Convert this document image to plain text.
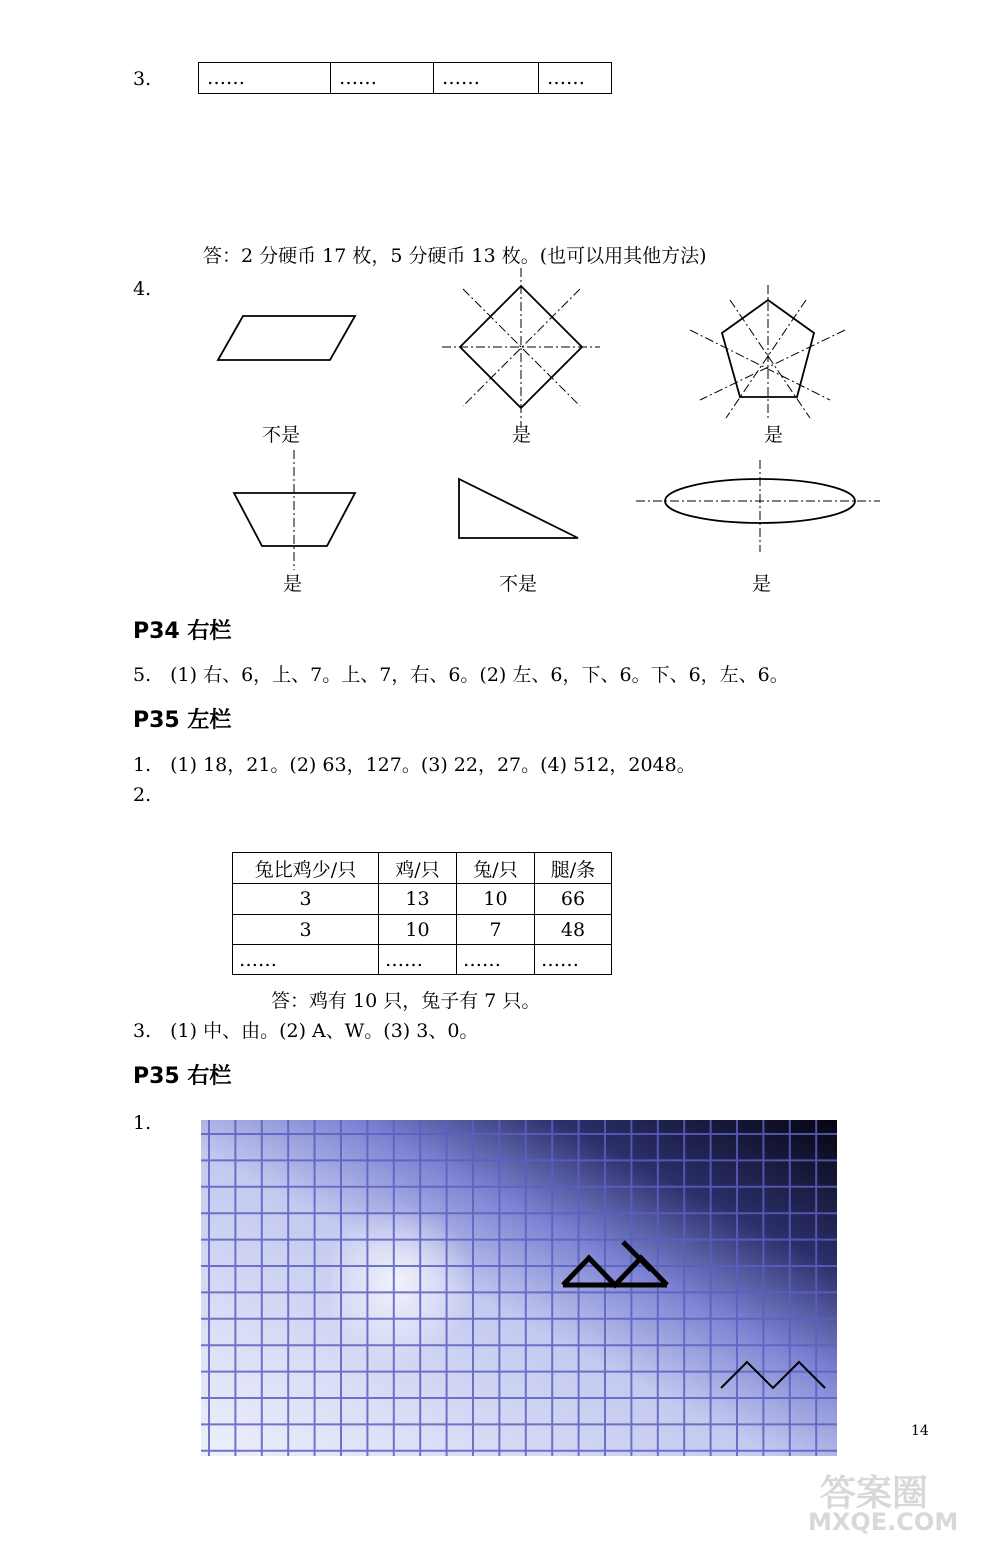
3.	……	……	……	……
答：2 分硬币 17 枚，5 分硬币 13 枚。(也可以用其他方法)
4.
不是	是	是
是	不是	是
P34 右栏
5.　(1) 右、6，上、7。上、7，右、6。(2) 左、6，下、6。下、6，左、6。
P35 左栏
1.　(1) 18，21。(2) 63，127。(3) 22，27。(4) 512，2048。
2.
兔比鸡少/只	鸡/只	兔/只	腿/条
3	13	10	66
3	10	7	48
……	……	……	……
答：鸡有 10 只，兔子有 7 只。
3.　(1) 中、由。(2) A、W。(3) 3、0。
P35 右栏
1.
14
答案圈
MXQE.COM
